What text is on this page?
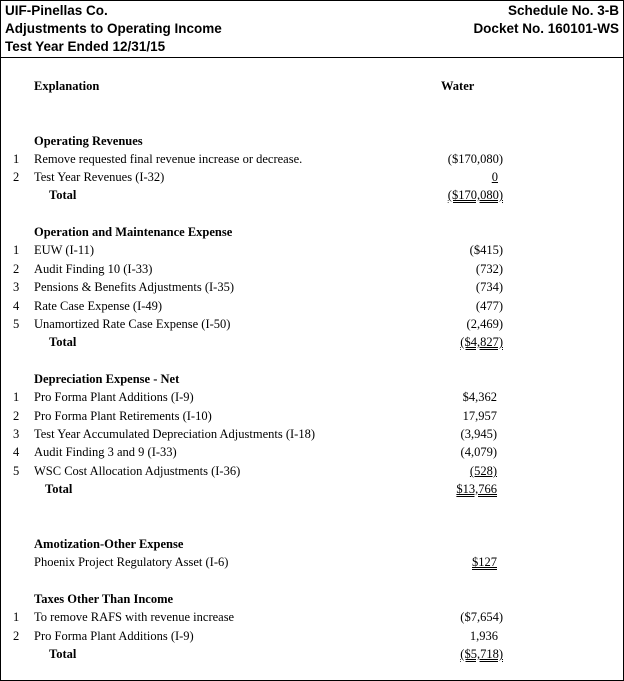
UIF-Pinellas Co.
Adjustments to Operating Income
Test Year Ended 12/31/15
Schedule No. 3-B
Docket No. 160101-WS
Explanation	Water
Operating Revenues
1 Remove requested final revenue increase or decrease.	($170,080)
2 Test Year Revenues (I-32)	0
Total	($170,080)
Operation and Maintenance Expense
1 EUW (I-11)	($415)
2 Audit Finding 10 (I-33)	(732)
3 Pensions & Benefits Adjustments (I-35)	(734)
4 Rate Case Expense (I-49)	(477)
5 Unamortized Rate Case Expense (I-50)	(2,469)
Total	($4,827)
Depreciation Expense - Net
1 Pro Forma Plant Additions (I-9)	$4,362
2 Pro Forma Plant Retirements (I-10)	17,957
3 Test Year Accumulated Depreciation Adjustments (I-18)	(3,945)
4 Audit Finding 3 and 9 (I-33)	(4,079)
5 WSC Cost Allocation Adjustments (I-36)	(528)
Total	$13,766
Amotization-Other Expense
Phoenix Project Regulatory Asset (I-6)	$127
Taxes Other Than Income
1 To remove RAFS with revenue increase	($7,654)
2 Pro Forma Plant Additions (I-9)	1,936
Total	($5,718)
